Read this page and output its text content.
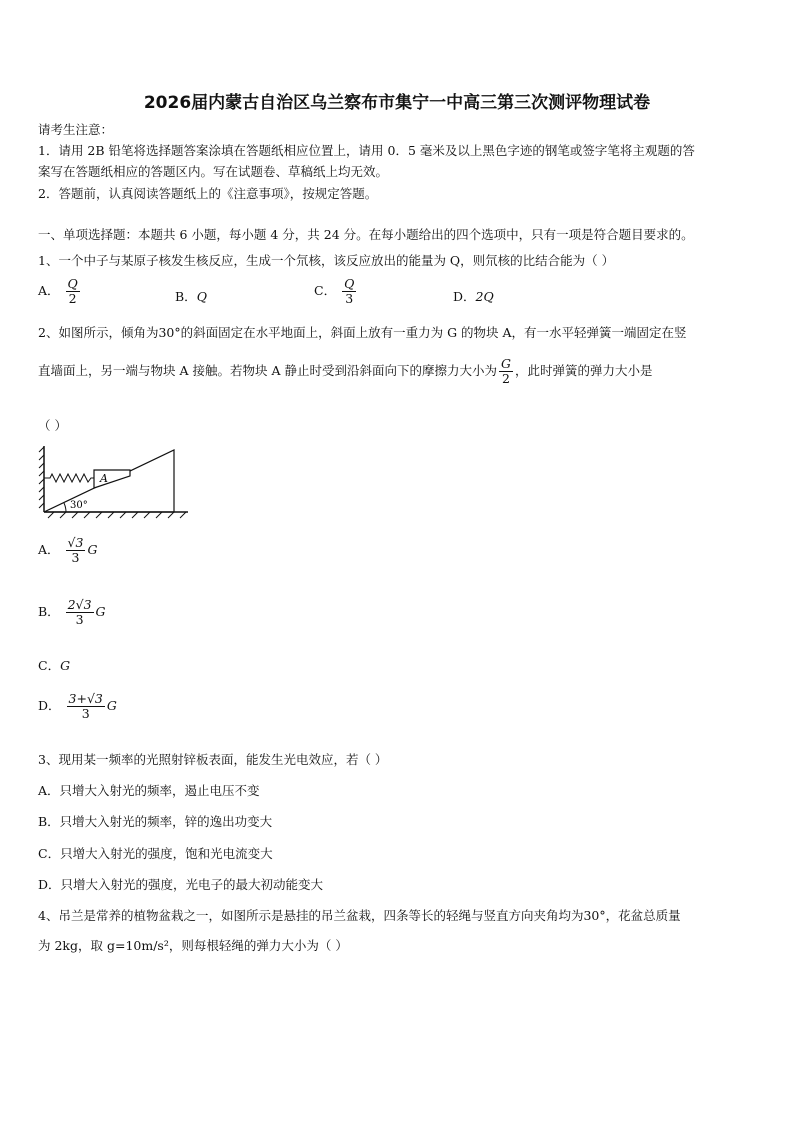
2026届内蒙古自治区乌兰察布市集宁一中高三第三次测评物理试卷
请考生注意：
1．请用 2B 铅笔将选择题答案涂填在答题纸相应位置上，请用 0．5 毫米及以上黑色字迹的钢笔或签字笔将主观题的答
案写在答题纸相应的答题区内。写在试题卷、草稿纸上均无效。
2．答题前，认真阅读答题纸上的《注意事项》，按规定答题。
一、单项选择题：本题共 6 小题，每小题 4 分，共 24 分。在每小题给出的四个选项中，只有一项是符合题目要求的。
1、一个中子与某原子核发生核反应，生成一个氘核，该反应放出的能量为 Q，则氘核的比结合能为（ ）
A． $\frac{Q}{2}$	B．Q	C． $\frac{Q}{3}$	D．2Q
2、如图所示，倾角为30°的斜面固定在水平地面上，斜面上放有一重力为 G 的物块 A，有一水平轻弹簧一端固定在竖
直墙面上，另一端与物块 A 接触。若物块 A 静止时受到沿斜面向下的摩擦力大小为 $\frac{G}{2}$ ，此时弹簧的弹力大小是
（ ）
A
30°
A． $\frac{√3}{3}$ G
B． $\frac{2√3}{3}$ G
C．G
D． $\frac{3+√3}{3}$ G
3、现用某一频率的光照射锌板表面，能发生光电效应，若（ ）
A．只增大入射光的频率，遏止电压不变
B．只增大入射光的频率，锌的逸出功变大
C．只增大入射光的强度，饱和光电流变大
D．只增大入射光的强度，光电子的最大初动能变大
4、吊兰是常养的植物盆栽之一，如图所示是悬挂的吊兰盆栽，四条等长的轻绳与竖直方向夹角均为30°，花盆总质量
为 2kg，取 g=10m/s²，则每根轻绳的弹力大小为（ ）
